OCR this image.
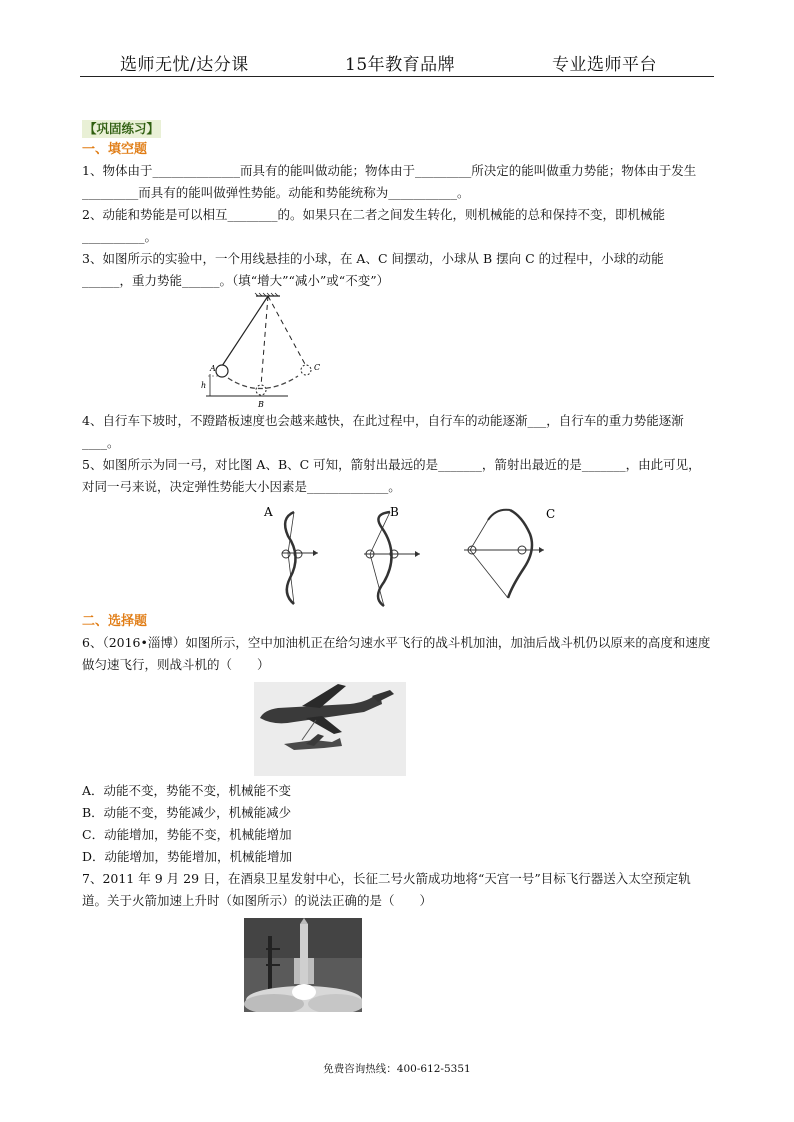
选师无忧/达分课	15年教育品牌	专业选师平台
【巩固练习】
一、填空题

1、物体由于______________而具有的能叫做动能；物体由于_________所决定的能叫做重力势能；物体由于发生_________而具有的能叫做弹性势能。动能和势能统称为___________。

2、动能和势能是可以相互________的。如果只在二者之间发生转化，则机械能的总和保持不变，即机械能__________。

3、如图所示的实验中，一个用线悬挂的小球，在 A、C 间摆动，小球从 B 摆向 C 的过程中，小球的动能______，重力势能______。（填“增大”“减小”或“不变”）

A
h
B
C

4、自行车下坡时，不蹬踏板速度也会越来越快，在此过程中，自行车的动能逐渐___，自行车的重力势能逐渐____。

5、如图所示为同一弓，对比图 A、B、C 可知，箭射出最远的是_______，箭射出最近的是_______，由此可见，对同一弓来说，决定弹性势能大小因素是_____________。

A	B	C
二、选择题

6、（2016•淄博）如图所示，空中加油机正在给匀速水平飞行的战斗机加油，加油后战斗机仍以原来的高度和速度做匀速飞行，则战斗机的（　　）

A．动能不变，势能不变，机械能不变

B．动能不变，势能减少，机械能减少

C．动能增加，势能不变，机械能增加

D．动能增加，势能增加，机械能增加

7、2011 年 9 月 29 日，在酒泉卫星发射中心，长征二号火箭成功地将“天宫一号”目标飞行器送入太空预定轨道。关于火箭加速上升时（如图所示）的说法正确的是（　　）

免费咨询热线：400-612-5351
